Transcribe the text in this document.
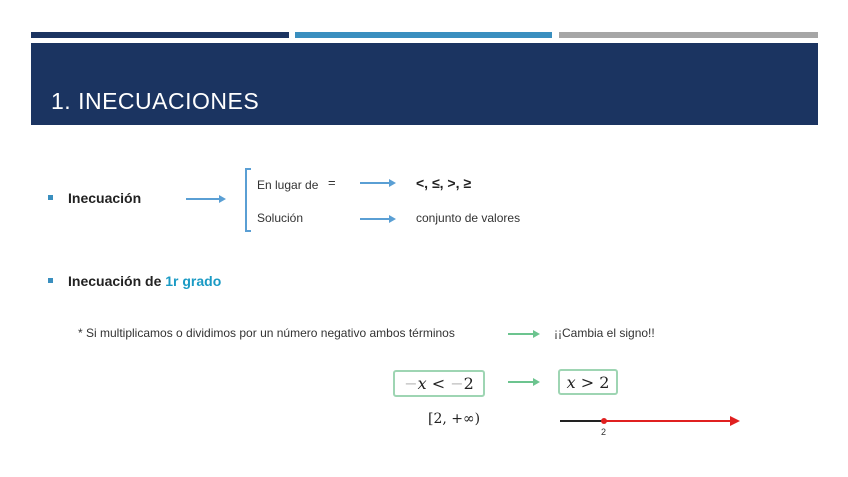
1. INECUACIONES
Inecuación
En lugar de =	<, ≤, >, ≥
Solución	conjunto de valores
Inecuación de 1r grado
* Si multiplicamos o dividimos por un número negativo ambos términos	¡¡Cambia el signo!!
− x
<
− 2	x
>
2
[2, +∞)
2
